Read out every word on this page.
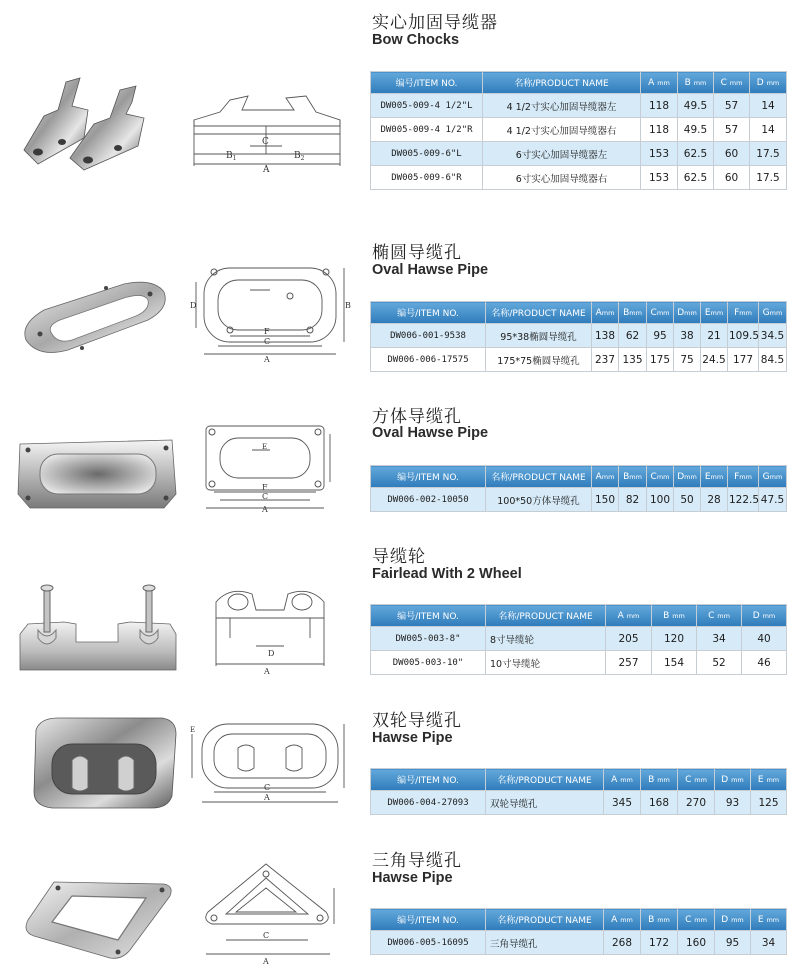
$B_1$	$B_2$
C
A
实心加固导缆器
Bow Chocks
编号/ITEM NO.	名称/PRODUCT NAME	A mm	B mm	C mm	D mm
DW005-009-4 1/2"L	4 1/2寸实心加固导缆器左	118	49.5	57	14
DW005-009-4 1/2"R	4 1/2寸实心加固导缆器右	118	49.5	57	14
DW005-009-6"L	6寸实心加固导缆器左	153	62.5	60	17.5
DW005-009-6"R	6寸实心加固导缆器右	153	62.5	60	17.5
D	B
F
C
A
椭圆导缆孔
Oval Hawse Pipe
编号/ITEM NO.	名称/PRODUCT NAME	Amm	Bmm	Cmm	Dmm	Emm	Fmm	Gmm
DW006-001-9538	95*38椭圆导缆孔	138	62	95	38	21	109.5	34.5
DW006-006-17575	175*75椭圆导缆孔	237	135	175	75	24.5	177	84.5
E
F
C
A
方体导缆孔
Oval Hawse Pipe
编号/ITEM NO.	名称/PRODUCT NAME	Amm	Bmm	Cmm	Dmm	Emm	Fmm	Gmm
DW006-002-10050	100*50方体导缆孔	150	82	100	50	28	122.5	47.5
D
A
导缆轮
Fairlead With 2 Wheel
编号/ITEM NO.	名称/PRODUCT NAME	A mm	B mm	C mm	D mm
DW005-003-8"	8寸导缆轮	205	120	34	40
DW005-003-10"	10寸导缆轮	257	154	52	46
E
C
A
双轮导缆孔
Hawse Pipe
编号/ITEM NO.	名称/PRODUCT NAME	A mm	B mm	C mm	D mm	E mm
DW006-004-27093	双轮导缆孔	345	168	270	93	125
C
A
三角导缆孔
Hawse Pipe
编号/ITEM NO.	名称/PRODUCT NAME	A mm	B mm	C mm	D mm	E mm
DW006-005-16095	三角导缆孔	268	172	160	95	34
